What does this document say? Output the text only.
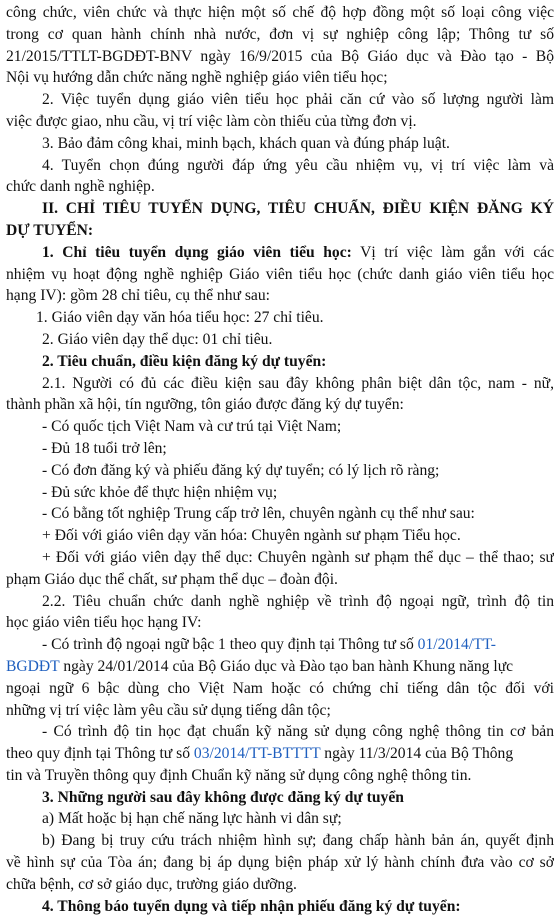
công chức, viên chức và thực hiện một số chế độ hợp đồng một số loại công việc
trong cơ quan hành chính nhà nước, đơn vị sự nghiệp công lập; Thông tư số
21/2015/TTLT-BGDĐT-BNV ngày 16/9/2015 của Bộ Giáo dục và Đào tạo - Bộ
Nội vụ hướng dẫn chức năng nghề nghiệp giáo viên tiểu học;
2. Việc tuyển dụng giáo viên tiểu học phải căn cứ vào số lượng người làm
việc được giao, nhu cầu, vị trí việc làm còn thiếu của từng đơn vị.
3. Bảo đảm công khai, minh bạch, khách quan và đúng pháp luật.
4. Tuyển chọn đúng người đáp ứng yêu cầu nhiệm vụ, vị trí việc làm và
chức danh nghề nghiệp.
II. CHỈ TIÊU TUYỂN DỤNG, TIÊU CHUẨN, ĐIỀU KIỆN ĐĂNG KÝ
DỰ TUYỂN:
1. Chỉ tiêu tuyển dụng giáo viên tiểu học: Vị trí việc làm gắn với các
nhiệm vụ hoạt động nghề nghiệp Giáo viên tiểu học (chức danh giáo viên tiểu học
hạng IV): gồm 28 chỉ tiêu, cụ thể như sau:
1. Giáo viên dạy văn hóa tiểu học: 27 chỉ tiêu.
2. Giáo viên dạy thể dục: 01 chỉ tiêu.
2. Tiêu chuẩn, điều kiện đăng ký dự tuyển:
2.1. Người có đủ các điều kiện sau đây không phân biệt dân tộc, nam - nữ,
thành phần xã hội, tín ngưỡng, tôn giáo được đăng ký dự tuyển:
- Có quốc tịch Việt Nam và cư trú tại Việt Nam;
- Đủ 18 tuổi trở lên;
- Có đơn đăng ký và phiếu đăng ký dự tuyển; có lý lịch rõ ràng;
- Đủ sức khỏe để thực hiện nhiệm vụ;
- Có bằng tốt nghiệp Trung cấp trở lên, chuyên ngành cụ thể như sau:
+ Đối với giáo viên dạy văn hóa: Chuyên ngành sư phạm Tiểu học.
+ Đối với giáo viên dạy thể dục: Chuyên ngành sư phạm thể dục – thể thao; sư
phạm Giáo dục thể chất, sư phạm thể dục – đoàn đội.
2.2. Tiêu chuẩn chức danh nghề nghiệp về trình độ ngoại ngữ, trình độ tin
học giáo viên tiểu học hạng IV:
- Có trình độ ngoại ngữ bậc 1 theo quy định tại Thông tư số 01/2014/TT-
BGDĐT ngày 24/01/2014 của Bộ Giáo dục và Đào tạo ban hành Khung năng lực
ngoại ngữ 6 bậc dùng cho Việt Nam hoặc có chứng chỉ tiếng dân tộc đối với
những vị trí việc làm yêu cầu sử dụng tiếng dân tộc;
- Có trình độ tin học đạt chuẩn kỹ năng sử dụng công nghệ thông tin cơ bản
theo quy định tại Thông tư số 03/2014/TT-BTTTT ngày 11/3/2014 của Bộ Thông
tin và Truyền thông quy định Chuẩn kỹ năng sử dụng công nghệ thông tin.
3. Những người sau đây không được đăng ký dự tuyển
a) Mất hoặc bị hạn chế năng lực hành vi dân sự;
b) Đang bị truy cứu trách nhiệm hình sự; đang chấp hành bản án, quyết định
về hình sự của Tòa án; đang bị áp dụng biện pháp xử lý hành chính đưa vào cơ sở
chữa bệnh, cơ sở giáo dục, trường giáo dưỡng.
4. Thông báo tuyển dụng và tiếp nhận phiếu đăng ký dự tuyển:
